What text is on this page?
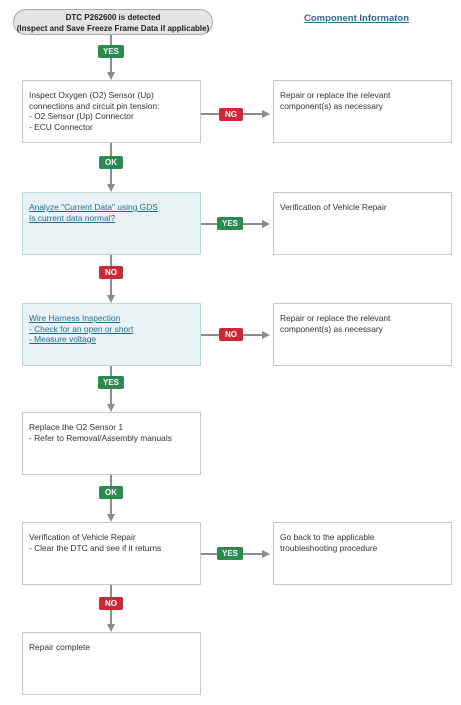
DTC P262600 is detected
(Inspect and Save Freeze Frame Data if applicable)
Component Informaton
Inspect Oxygen (O2) Sensor (Up)
connections and circuit pin tension:
- O2 Sensor (Up) Connector
- ECU Connector
Analyze "Current Data" using GDS
Is current data normal?
Wire Harness Inspection
- Check for an open or short
- Measure voltage
Replace the O2 Sensor 1
- Refer to Removal/Assembly manuals
Verification of Vehicle Repair
- Clear the DTC and see if it returns
Repair complete
Repair or replace the relevant
component(s) as necessary
Verification of Vehicle Repair
Repair or replace the relevant
component(s) as necessary
Go back to the applicable
troubleshooting procedure
YES
NG
OK
YES
NO
NO
YES
OK
YES
NO
